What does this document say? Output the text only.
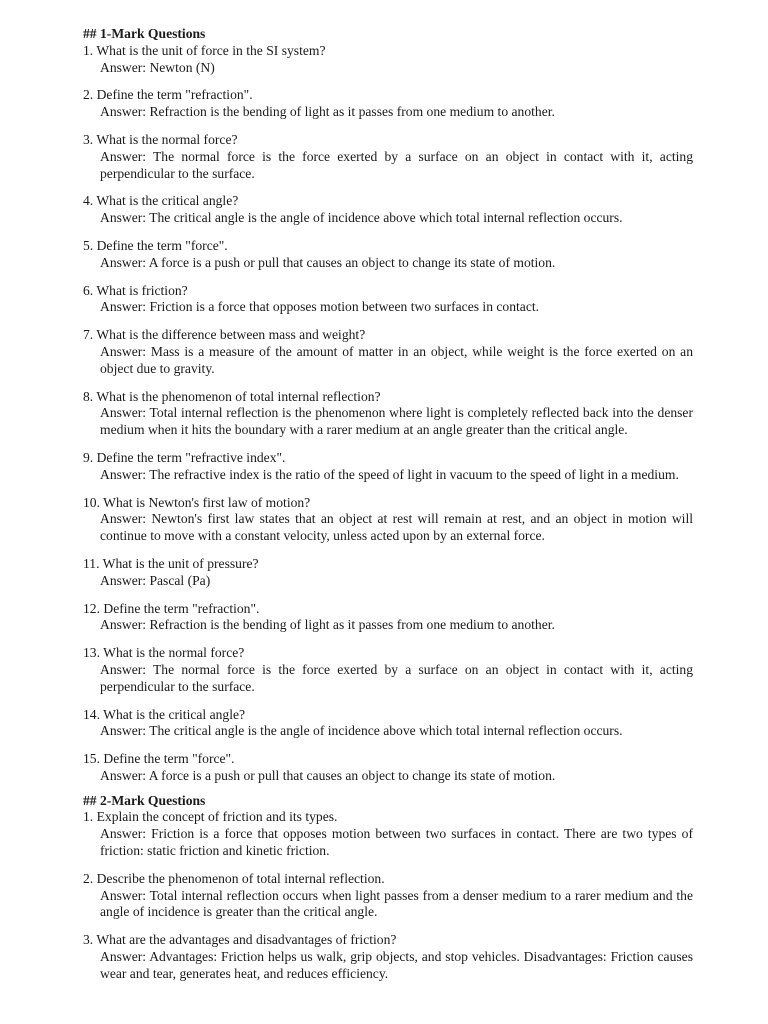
## 1-Mark Questions

1. What is the unit of force in the SI system?

Answer: Newton (N)

2. Define the term "refraction".

Answer: Refraction is the bending of light as it passes from one medium to another.

3. What is the normal force?

Answer: The normal force is the force exerted by a surface on an object in contact with it, acting perpendicular to the surface.

4. What is the critical angle?

Answer: The critical angle is the angle of incidence above which total internal reflection occurs.

5. Define the term "force".

Answer: A force is a push or pull that causes an object to change its state of motion.

6. What is friction?

Answer: Friction is a force that opposes motion between two surfaces in contact.

7. What is the difference between mass and weight?

Answer: Mass is a measure of the amount of matter in an object, while weight is the force exerted on an object due to gravity.

8. What is the phenomenon of total internal reflection?

Answer: Total internal reflection is the phenomenon where light is completely reflected back into the denser medium when it hits the boundary with a rarer medium at an angle greater than the critical angle.

9. Define the term "refractive index".

Answer: The refractive index is the ratio of the speed of light in vacuum to the speed of light in a medium.

10. What is Newton's first law of motion?

Answer: Newton's first law states that an object at rest will remain at rest, and an object in motion will continue to move with a constant velocity, unless acted upon by an external force.

11. What is the unit of pressure?

Answer: Pascal (Pa)

12. Define the term "refraction".

Answer: Refraction is the bending of light as it passes from one medium to another.

13. What is the normal force?

Answer: The normal force is the force exerted by a surface on an object in contact with it, acting perpendicular to the surface.

14. What is the critical angle?

Answer: The critical angle is the angle of incidence above which total internal reflection occurs.

15. Define the term "force".

Answer: A force is a push or pull that causes an object to change its state of motion.

## 2-Mark Questions

1. Explain the concept of friction and its types.

Answer: Friction is a force that opposes motion between two surfaces in contact. There are two types of friction: static friction and kinetic friction.

2. Describe the phenomenon of total internal reflection.

Answer: Total internal reflection occurs when light passes from a denser medium to a rarer medium and the angle of incidence is greater than the critical angle.

3. What are the advantages and disadvantages of friction?

Answer: Advantages: Friction helps us walk, grip objects, and stop vehicles. Disadvantages: Friction causes wear and tear, generates heat, and reduces efficiency.
